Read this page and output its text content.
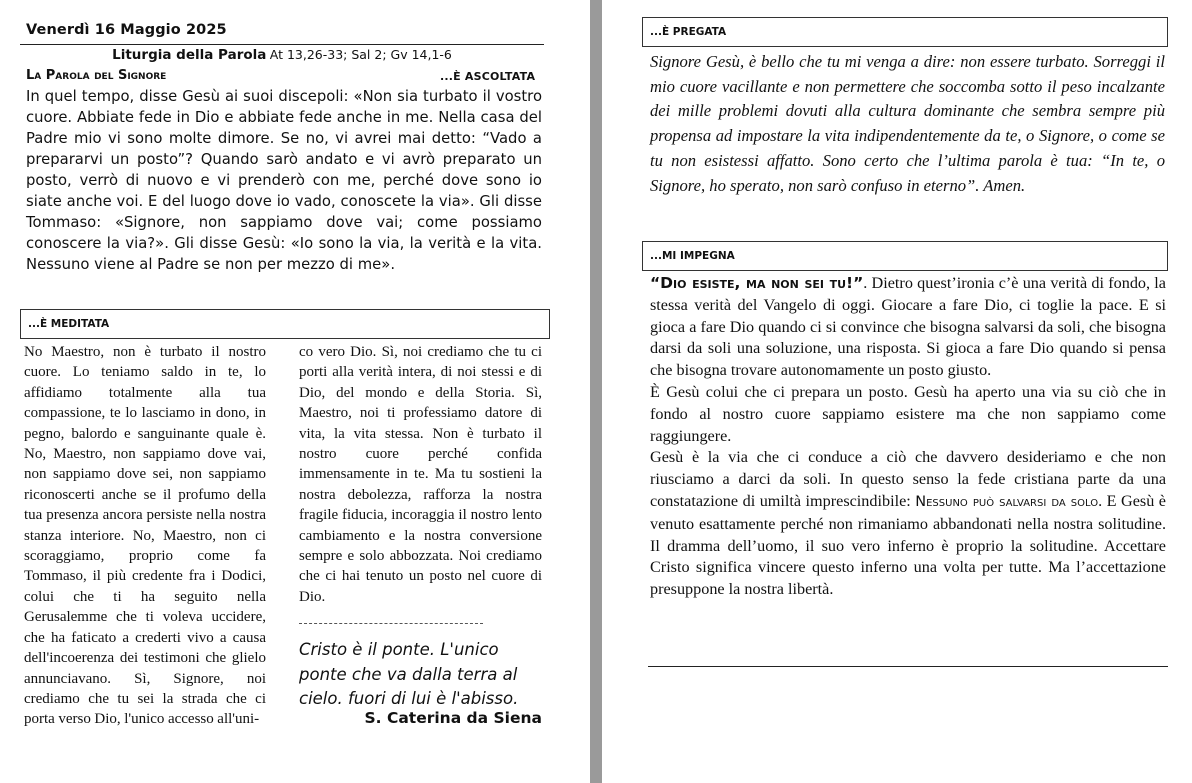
Venerdì 16 Maggio 2025
Liturgia della Parola At 13,26-33; Sal 2; Gv 14,1-6
La Parola del Signore	...È ASCOLTATA

In quel tempo, disse Gesù ai suoi discepoli: «Non sia turbato il vostro cuore. Abbiate fede in Dio e abbiate fede anche in me. Nella casa del Padre mio vi sono molte dimore. Se no, vi avrei mai detto: “Vado a prepararvi un posto”? Quando sarò andato e vi avrò preparato un posto, verrò di nuovo e vi prenderò con me, perché dove sono io siate anche voi. E del luogo dove io vado, conoscete la via». Gli disse Tommaso: «Signore, non sappiamo dove vai; come possiamo conoscere la via?». Gli disse Gesù: «Io sono la via, la verità e la vita. Nessuno viene al Padre se non per mezzo di me».

...È MEDITATA

No Maestro, non è turbato il nostro cuore. Lo teniamo saldo in te, lo affidiamo totalmente alla tua compassione, te lo lasciamo in dono, in pegno, balordo e sanguinante quale è. No, Maestro, non sappiamo dove vai, non sappiamo dove sei, non sappiamo riconoscerti anche se il profumo della tua presenza ancora persiste nella nostra stanza interiore. No, Maestro, non ci scoraggiamo, proprio come fa Tommaso, il più credente fra i Dodici, colui che ti ha seguito nella Gerusalemme che ti voleva uccidere, che ha faticato a crederti vivo a causa dell'incoerenza dei testimoni che glielo annunciavano. Sì, Signore, noi crediamo che tu sei la strada che ci porta verso Dio, l'unico accesso all'uni-

co vero Dio. Sì, noi crediamo che tu ci porti alla verità intera, di noi stessi e di Dio, del mondo e della Storia. Sì, Maestro, noi ti professiamo datore di vita, la vita stessa. Non è turbato il nostro cuore perché confida immensamente in te. Ma tu sostieni la nostra debolezza, rafforza la nostra fragile fiducia, incoraggia il nostro lento cambiamento e la nostra conversione sempre e solo abbozzata. Noi crediamo che ci hai tenuto un posto nel cuore di Dio.

Cristo è il ponte. L'unico ponte che va dalla terra al cielo. fuori di lui è l'abisso.

S. Caterina da Siena
...È PREGATA

Signore Gesù, è bello che tu mi venga a dire: non essere turbato. Sorreggi il mio cuore vacillante e non permettere che soccomba sotto il peso incalzante dei mille problemi dovuti alla cultura dominante che sembra sempre più propensa ad impostare la vita indipendentemente da te, o Signore, o come se tu non esistessi affatto. Sono certo che l’ultima parola è tua: “In te, o Signore, ho sperato, non sarò confuso in eterno”. Amen.

...MI IMPEGNA

“Dio esiste, ma non sei tu!”. Dietro quest’ironia c’è una verità di fondo, la stessa verità del Vangelo di oggi. Giocare a fare Dio, ci toglie la pace. E si gioca a fare Dio quando ci si convince che bisogna salvarsi da soli, che bisogna darsi da soli una soluzione, una risposta. Si gioca a fare Dio quando si pensa che bisogna trovare autonomamente un posto giusto.

È Gesù colui che ci prepara un posto. Gesù ha aperto una via su ciò che in fondo al nostro cuore sappiamo esistere ma che non sappiamo come raggiungere.

Gesù è la via che ci conduce a ciò che davvero desideriamo e che non riusciamo a darci da soli. In questo senso la fede cristiana parte da una constatazione di umiltà imprescindibile: Nessuno può salvarsi da solo. E Gesù è venuto esattamente perché non rimaniamo abbandonati nella nostra solitudine. Il dramma dell’uomo, il suo vero inferno è proprio la solitudine. Accettare Cristo significa vincere questo inferno una volta per tutte. Ma l’accettazione presuppone la nostra libertà.
